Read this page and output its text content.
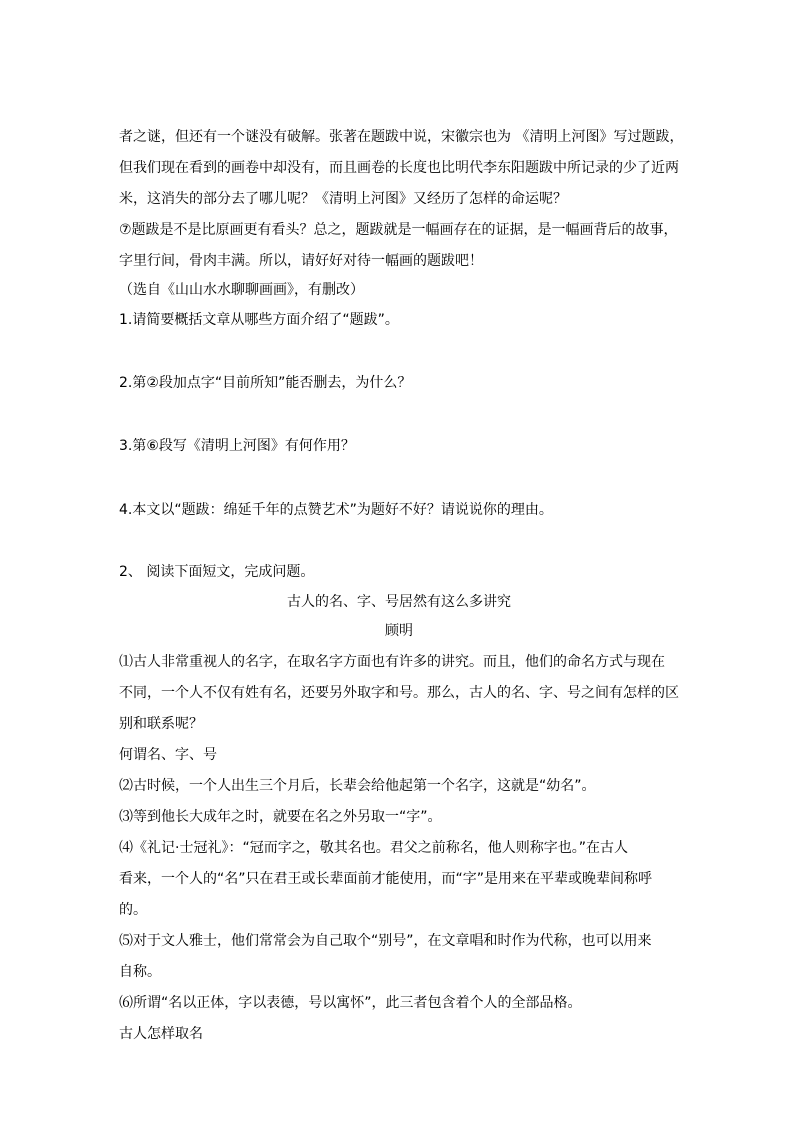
者之谜，但还有一个谜没有破解。张著在题跋中说，宋徽宗也为 《清明上河图》写过题跋，
但我们现在看到的画卷中却没有，而且画卷的长度也比明代李东阳题跋中所记录的少了近两
米，这消失的部分去了哪儿呢？《清明上河图》又经历了怎样的命运呢？
⑦题跋是不是比原画更有看头？总之，题跋就是一幅画存在的证据，是一幅画背后的故事，
字里行间，骨肉丰满。所以，请好好对待一幅画的题跋吧！
（选自《山山水水聊聊画画》，有删改）
1.请简要概括文章从哪些方面介绍了“题跋”。
2.第②段加点字“目前所知”能否删去，为什么？
3.第⑥段写《清明上河图》有何作用？
4.本文以“题跋：绵延千年的点赞艺术”为题好不好？请说说你的理由。
2、 阅读下面短文，完成问题。
古人的名、字、号居然有这么多讲究
顾明
⑴古人非常重视人的名字，在取名字方面也有许多的讲究。而且，他们的命名方式与现在
不同，一个人不仅有姓有名，还要另外取字和号。那么，古人的名、字、号之间有怎样的区
别和联系呢？
何谓名、字、号
⑵古时候，一个人出生三个月后，长辈会给他起第一个名字，这就是“幼名”。
⑶等到他长大成年之时，就要在名之外另取一“字”。
⑷《礼记·士冠礼》：“冠而字之，敬其名也。君父之前称名，他人则称字也。”在古人
看来，一个人的“名”只在君王或长辈面前才能使用，而“字”是用来在平辈或晚辈间称呼
的。
⑸对于文人雅士，他们常常会为自己取个“别号”，在文章唱和时作为代称，也可以用来
自称。
⑹所谓“名以正体，字以表德，号以寓怀”，此三者包含着个人的全部品格。
古人怎样取名
